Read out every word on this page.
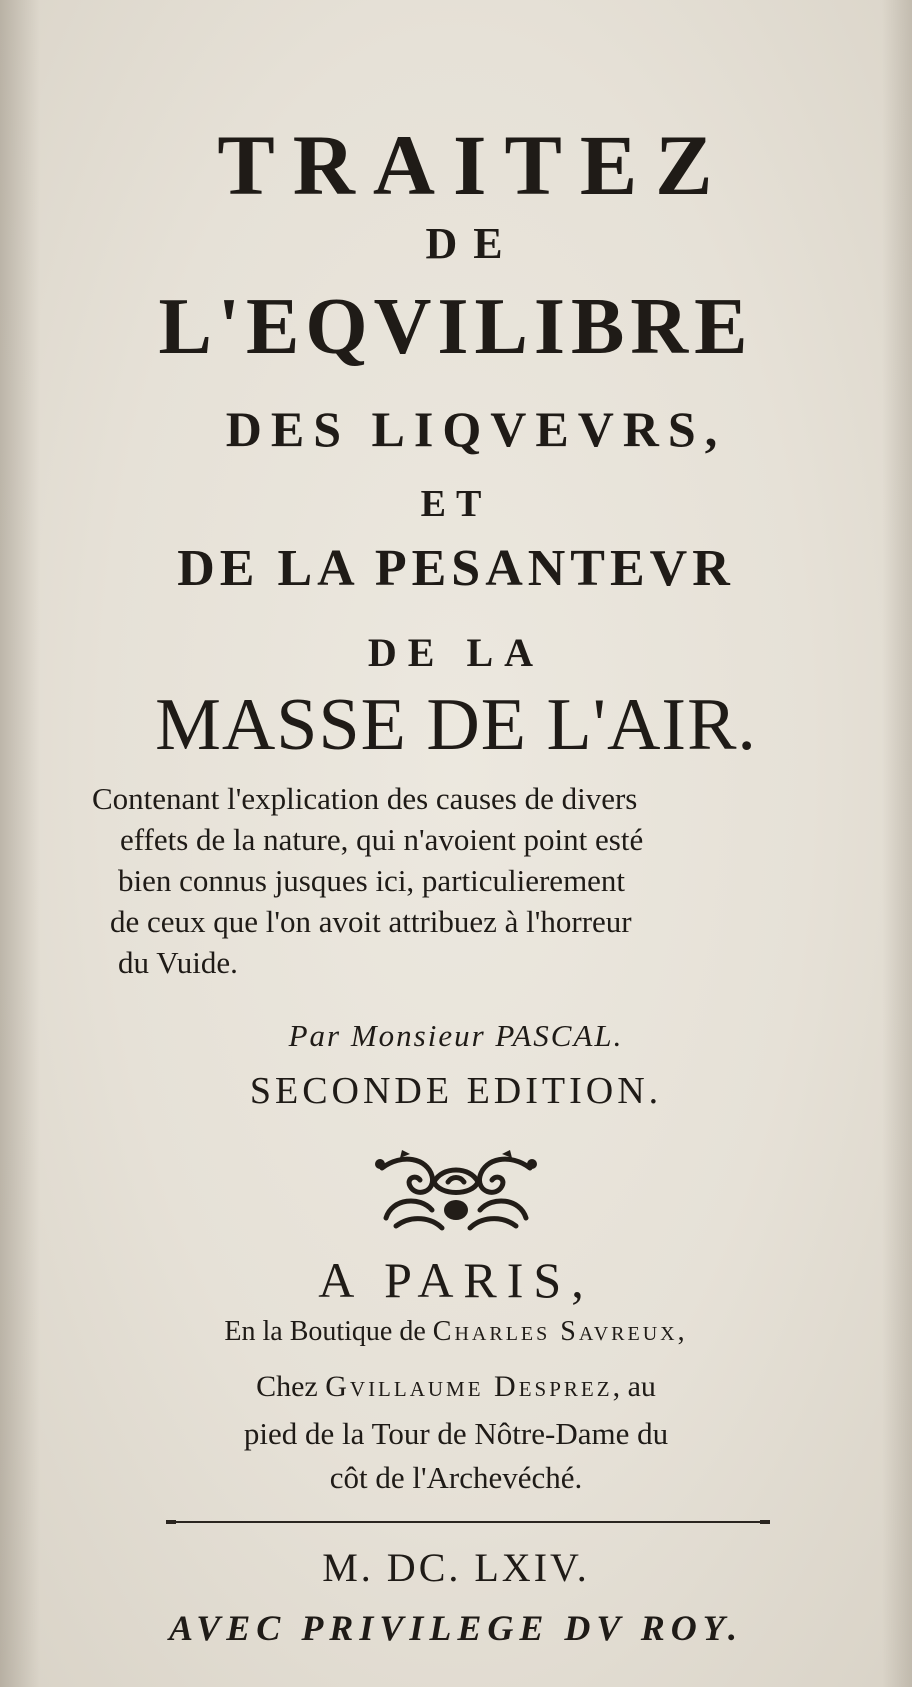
TRAITEZ
DE
L'EQVILIBRE
DES LIQVEVRS,
ET
DE LA PESANTEVR
DE LA
MASSE DE L'AIR.
Contenant l'explication des causes de divers
effets de la nature, qui n'avoient point esté
bien connus jusques ici, particulierement
de ceux que l'on avoit attribuez à l'horreur
du Vuide.
Par Monsieur PASCAL.
SECONDE EDITION.
A PARIS,
En la Boutique de Charles Savreux,
Chez Gvillaume Desprez, au
pied de la Tour de Nôtre-Dame du
côt de l'Archevéché.
M. DC. LXIV.
AVEC PRIVILEGE DV ROY.
